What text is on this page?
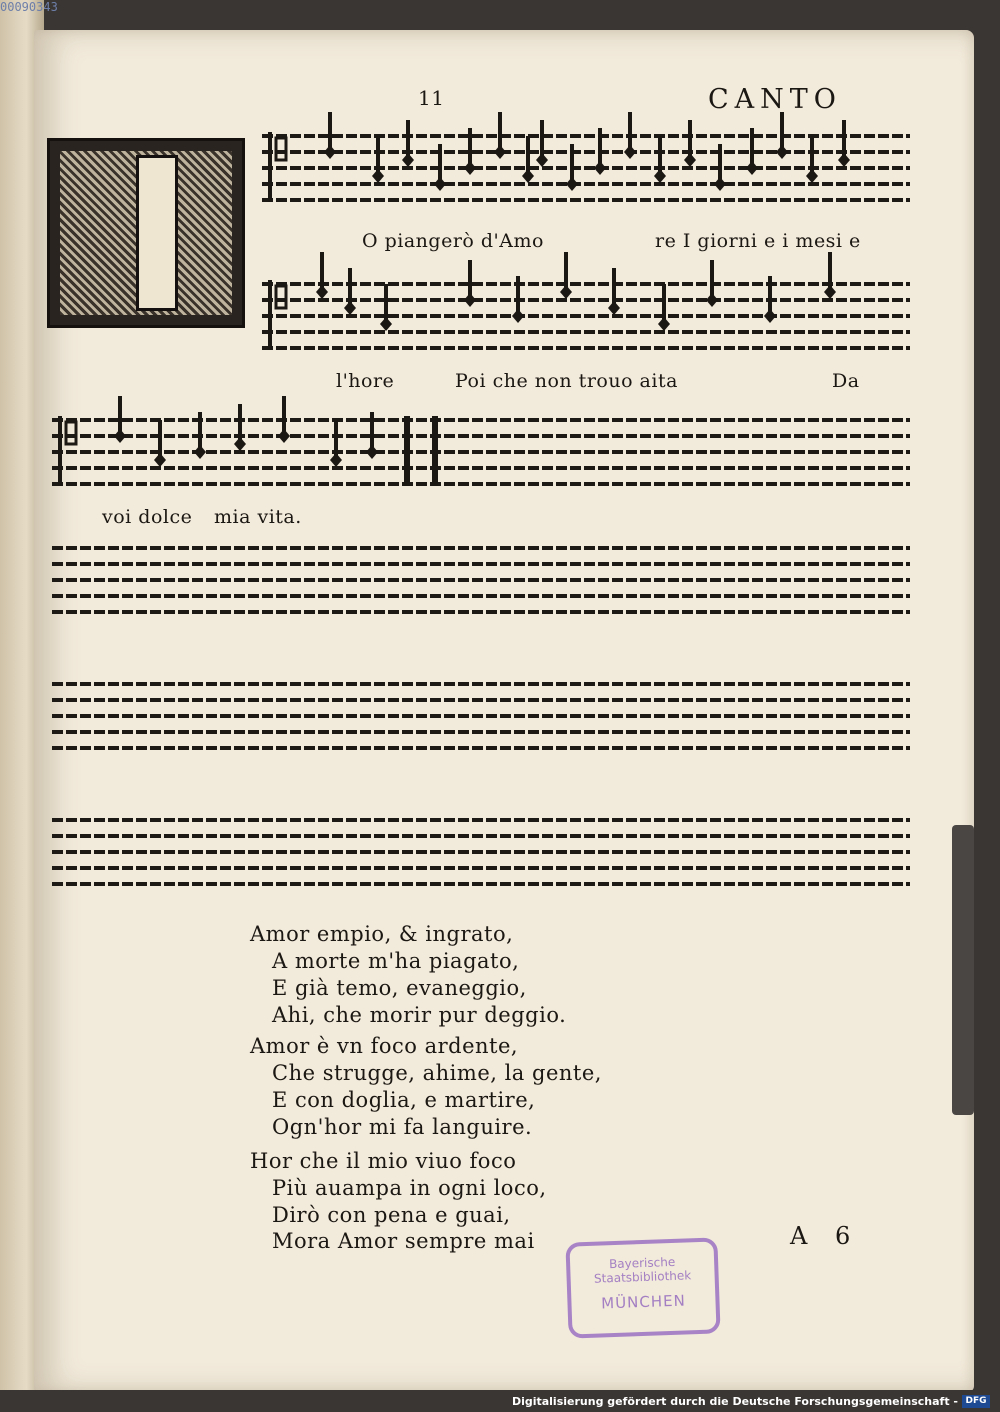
00090343
11	CANTO
O piangerò d'Amo	re I giorni e i mesi e
l'hore	Poi che non trouo aita	Da
voi dolce mia vita.
Amor empio, & ingrato,
A morte m'ha piagato,
E già temo, evaneggio,
Ahi, che morir pur deggio.
Amor è vn foco ardente,
Che strugge, ahime, la gente,
E con doglia, e martire,
Ogn'hor mi fa languire.
Hor che il mio viuo foco
Più auampa in ogni loco,
Dirò con pena e guai,
Mora Amor sempre mai	A 6
Bayerische
Staatsbibliothek
MÜNCHEN
Digitalisierung gefördert durch die Deutsche Forschungsgemeinschaft - DFG
